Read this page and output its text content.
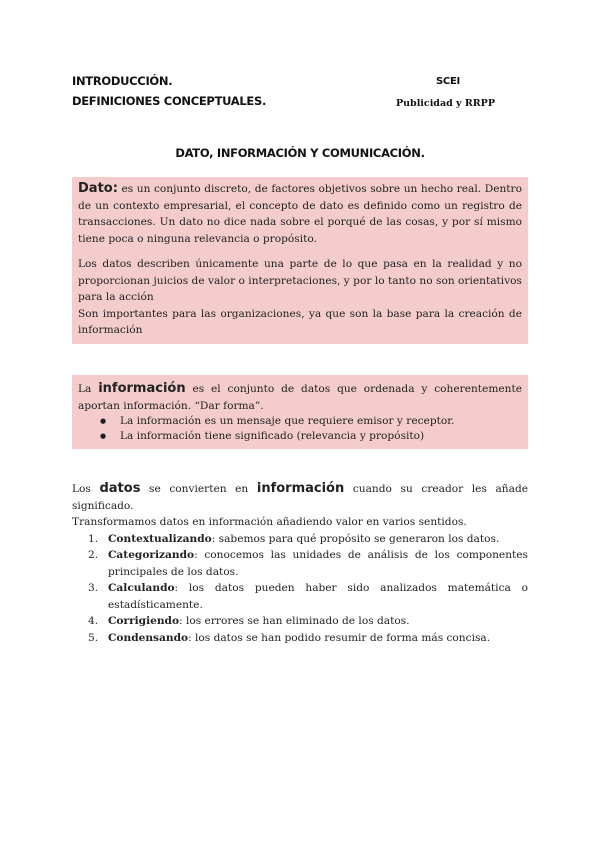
INTRODUCCIÓN.
DEFINICIONES CONCEPTUALES.
SCEI
Publicidad y RRPP
DATO, INFORMACIÓN Y COMUNICACIÓN.

Dato: es un conjunto discreto, de factores objetivos sobre un hecho real. Dentro de un contexto empresarial, el concepto de dato es definido como un registro de transacciones. Un dato no dice nada sobre el porqué de las cosas, y por sí mismo tiene poca o ninguna relevancia o propósito.

Los datos describen únicamente una parte de lo que pasa en la realidad y no proporcionan juicios de valor o interpretaciones, y por lo tanto no son orientativos para la acción

Son importantes para las organizaciones, ya que son la base para la creación de información

La información es el conjunto de datos que ordenada y coherentemente aportan información. “Dar forma”.

● La información es un mensaje que requiere emisor y receptor.
● La información tiene significado (relevancia y propósito)

Los datos se convierten en información cuando su creador les añade significado.

Transformamos datos en información añadiendo valor en varios sentidos.

1. Contextualizando: sabemos para qué propósito se generaron los datos.
2. Categorizando: conocemos las unidades de análisis de los componentes principales de los datos.
3. Calculando: los datos pueden haber sido analizados matemática o estadísticamente.
4. Corrigiendo: los errores se han eliminado de los datos.
5. Condensando: los datos se han podido resumir de forma más concisa.
